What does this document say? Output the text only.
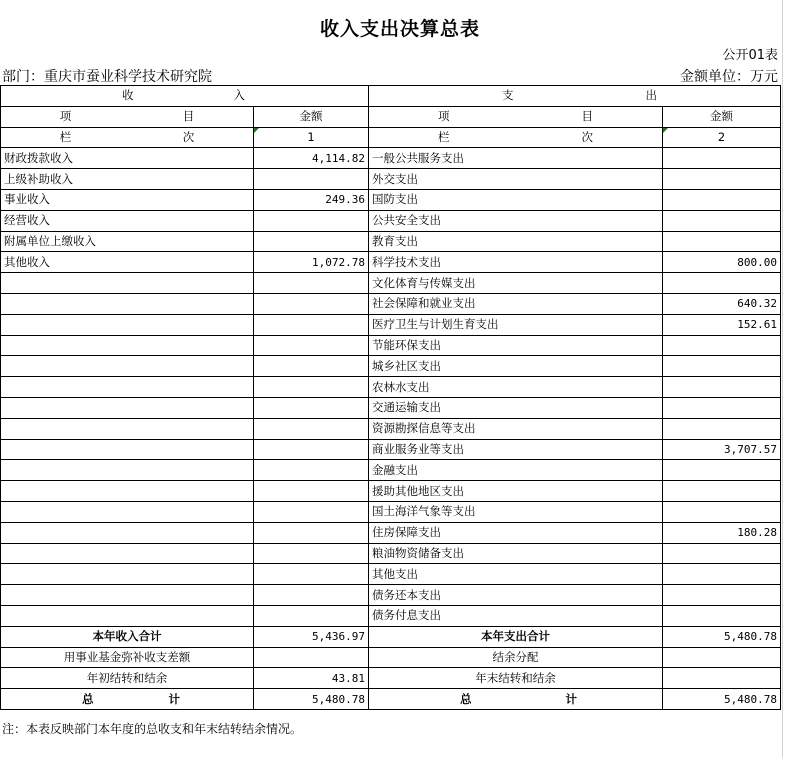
收入支出决算总表
公开01表
部门：重庆市蚕业科学技术研究院	金额单位：万元
收 入		支 出	

项 目	金额	项 目	金额

栏 次	1	栏 次	2
财政拨款收入	4,114.82	一般公共服务支出	
上级补助收入		外交支出	
事业收入	249.36	国防支出	
经营收入		公共安全支出	
附属单位上缴收入		教育支出	
其他收入	1,072.78	科学技术支出	800.00
		文化体育与传媒支出	
		社会保障和就业支出	640.32
		医疗卫生与计划生育支出	152.61
		节能环保支出	
		城乡社区支出	
		农林水支出	
		交通运输支出	
		资源勘探信息等支出	
		商业服务业等支出	3,707.57
		金融支出	
		援助其他地区支出	
		国土海洋气象等支出	
		住房保障支出	180.28
		粮油物资储备支出	
		其他支出	
		债务还本支出	
		债务付息支出	
本年收入合计	5,436.97	本年支出合计	5,480.78
用事业基金弥补收支差额		结余分配	
年初结转和结余	43.81	年末结转和结余	

总 计	5,480.78	总 计	5,480.78
注：本表反映部门本年度的总收支和年末结转结余情况。
